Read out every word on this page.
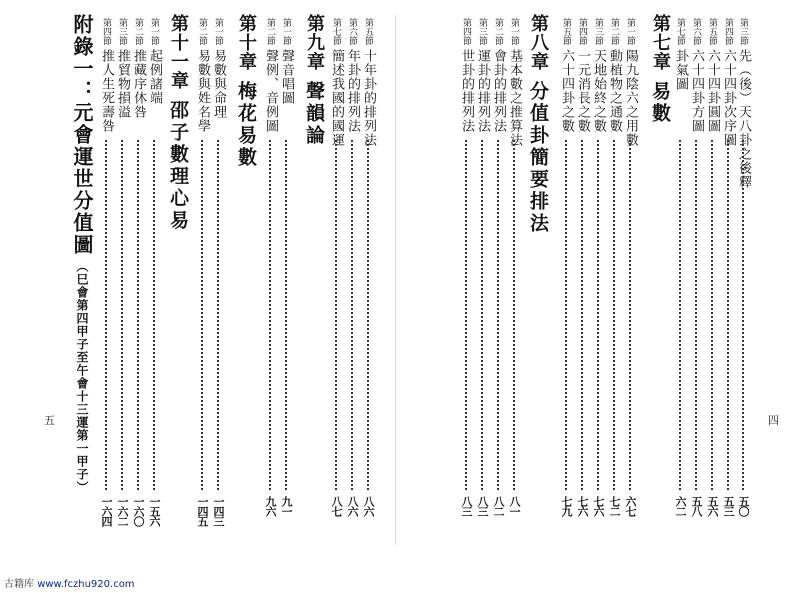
第三節
先（後）天八卦之後釋
五〇
第四節
六十四卦次序圖
五三
第五節
六十四卦圓圖
五六
第六節
六十四卦方圖
五八
第七節
卦氣圖
六二
第七章
易數
第一節
陽九陰六之用數
六七
第二節
動植物之通數
七二
第三節
天地始終之數
七六
第四節
一元消長之數
七六
第五節
六十四卦之數
七九
第八章
分值卦簡要排法
第一節
基本數之推算法
八一
第二節
會卦的排列法
八二
第三節
運卦的排列法
八三
第四節
世卦的排列法
八三
四
第五節
十年卦的排列法
八六
第六節
年卦的排列法
八六
第七節
簡述我國的國運
八七
第九章
聲韻論
第一節
聲音唱圖
九一
第二節
聲例、音例圖
九六
第十章
梅花易數
第一節
易數與命理
一四三
第二節
易數與姓名學
一四五
第十一章
邵子數理心易
第一節
起例諸端
一五六
第二節
推藏序休咎
一六〇
第三節
推貿物損溢
一六二
第四節
推人生死壽咎
一六四
附錄一：元會運世分值圖
（巳會第四甲子至午會十三運第一甲子）
五
古籍库 www.fczhu920.com
